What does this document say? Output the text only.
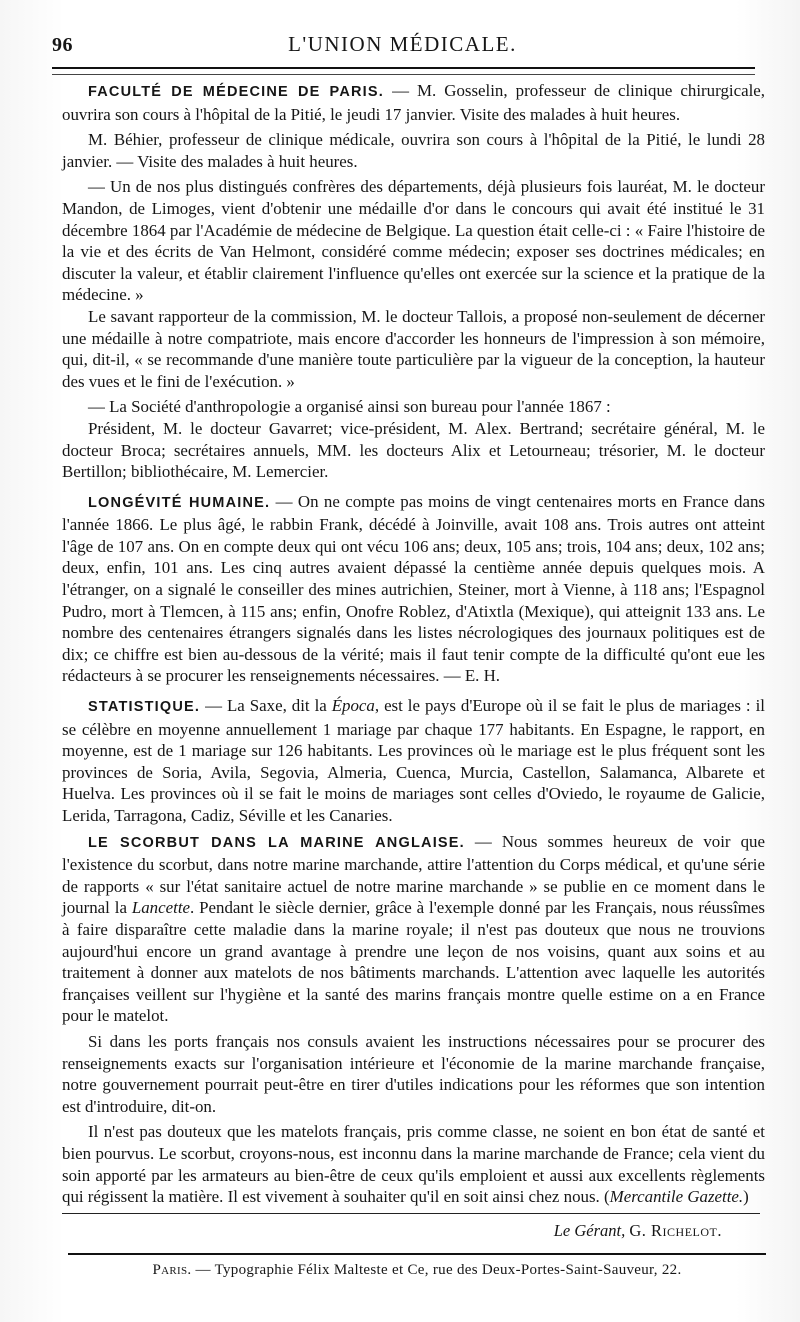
96	L'UNION MÉDICALE.

FACULTÉ DE MÉDECINE DE PARIS. — M. Gosselin, professeur de clinique chirurgicale, ouvrira son cours à l'hôpital de la Pitié, le jeudi 17 janvier. Visite des malades à huit heures.

M. Béhier, professeur de clinique médicale, ouvrira son cours à l'hôpital de la Pitié, le lundi 28 janvier. — Visite des malades à huit heures.

— Un de nos plus distingués confrères des départements, déjà plusieurs fois lauréat, M. le docteur Mandon, de Limoges, vient d'obtenir une médaille d'or dans le concours qui avait été institué le 31 décembre 1864 par l'Académie de médecine de Belgique. La question était celle-ci : « Faire l'histoire de la vie et des écrits de Van Helmont, considéré comme médecin; exposer ses doctrines médicales; en discuter la valeur, et établir clairement l'influence qu'elles ont exercée sur la science et la pratique de la médecine. »

Le savant rapporteur de la commission, M. le docteur Tallois, a proposé non-seulement de décerner une médaille à notre compatriote, mais encore d'accorder les honneurs de l'impression à son mémoire, qui, dit-il, « se recommande d'une manière toute particulière par la vigueur de la conception, la hauteur des vues et le fini de l'exécution. »

— La Société d'anthropologie a organisé ainsi son bureau pour l'année 1867 :

Président, M. le docteur Gavarret; vice-président, M. Alex. Bertrand; secrétaire général, M. le docteur Broca; secrétaires annuels, MM. les docteurs Alix et Letourneau; trésorier, M. le docteur Bertillon; bibliothécaire, M. Lemercier.

LONGÉVITÉ HUMAINE. — On ne compte pas moins de vingt centenaires morts en France dans l'année 1866. Le plus âgé, le rabbin Frank, décédé à Joinville, avait 108 ans. Trois autres ont atteint l'âge de 107 ans. On en compte deux qui ont vécu 106 ans; deux, 105 ans; trois, 104 ans; deux, 102 ans; deux, enfin, 101 ans. Les cinq autres avaient dépassé la centième année depuis quelques mois. A l'étranger, on a signalé le conseiller des mines autrichien, Steiner, mort à Vienne, à 118 ans; l'Espagnol Pudro, mort à Tlemcen, à 115 ans; enfin, Onofre Roblez, d'Atixtla (Mexique), qui atteignit 133 ans. Le nombre des centenaires étrangers signalés dans les listes nécrologiques des journaux politiques est de dix; ce chiffre est bien au-dessous de la vérité; mais il faut tenir compte de la difficulté qu'ont eue les rédacteurs à se procurer les renseignements nécessaires. — E. H.

STATISTIQUE. — La Saxe, dit la Época, est le pays d'Europe où il se fait le plus de mariages : il se célèbre en moyenne annuellement 1 mariage par chaque 177 habitants. En Espagne, le rapport, en moyenne, est de 1 mariage sur 126 habitants. Les provinces où le mariage est le plus fréquent sont les provinces de Soria, Avila, Segovia, Almeria, Cuenca, Murcia, Castellon, Salamanca, Albarete et Huelva. Les provinces où il se fait le moins de mariages sont celles d'Oviedo, le royaume de Galicie, Lerida, Tarragona, Cadiz, Séville et les Canaries.

LE SCORBUT DANS LA MARINE ANGLAISE. — Nous sommes heureux de voir que l'existence du scorbut, dans notre marine marchande, attire l'attention du Corps médical, et qu'une série de rapports « sur l'état sanitaire actuel de notre marine marchande » se publie en ce moment dans le journal la Lancette. Pendant le siècle dernier, grâce à l'exemple donné par les Français, nous réussîmes à faire disparaître cette maladie dans la marine royale; il n'est pas douteux que nous ne trouvions aujourd'hui encore un grand avantage à prendre une leçon de nos voisins, quant aux soins et au traitement à donner aux matelots de nos bâtiments marchands. L'attention avec laquelle les autorités françaises veillent sur l'hygiène et la santé des marins français montre quelle estime on a en France pour le matelot.

Si dans les ports français nos consuls avaient les instructions nécessaires pour se procurer des renseignements exacts sur l'organisation intérieure et l'économie de la marine marchande française, notre gouvernement pourrait peut-être en tirer d'utiles indications pour les réformes que son intention est d'introduire, dit-on.

Il n'est pas douteux que les matelots français, pris comme classe, ne soient en bon état de santé et bien pourvus. Le scorbut, croyons-nous, est inconnu dans la marine marchande de France; cela vient du soin apporté par les armateurs au bien-être de ceux qu'ils emploient et aussi aux excellents règlements qui régissent la matière. Il est vivement à souhaiter qu'il en soit ainsi chez nous. (Mercantile Gazette.)

Le Gérant, G. Richelot.
Paris. — Typographie Félix Malteste et Ce, rue des Deux-Portes-Saint-Sauveur, 22.
